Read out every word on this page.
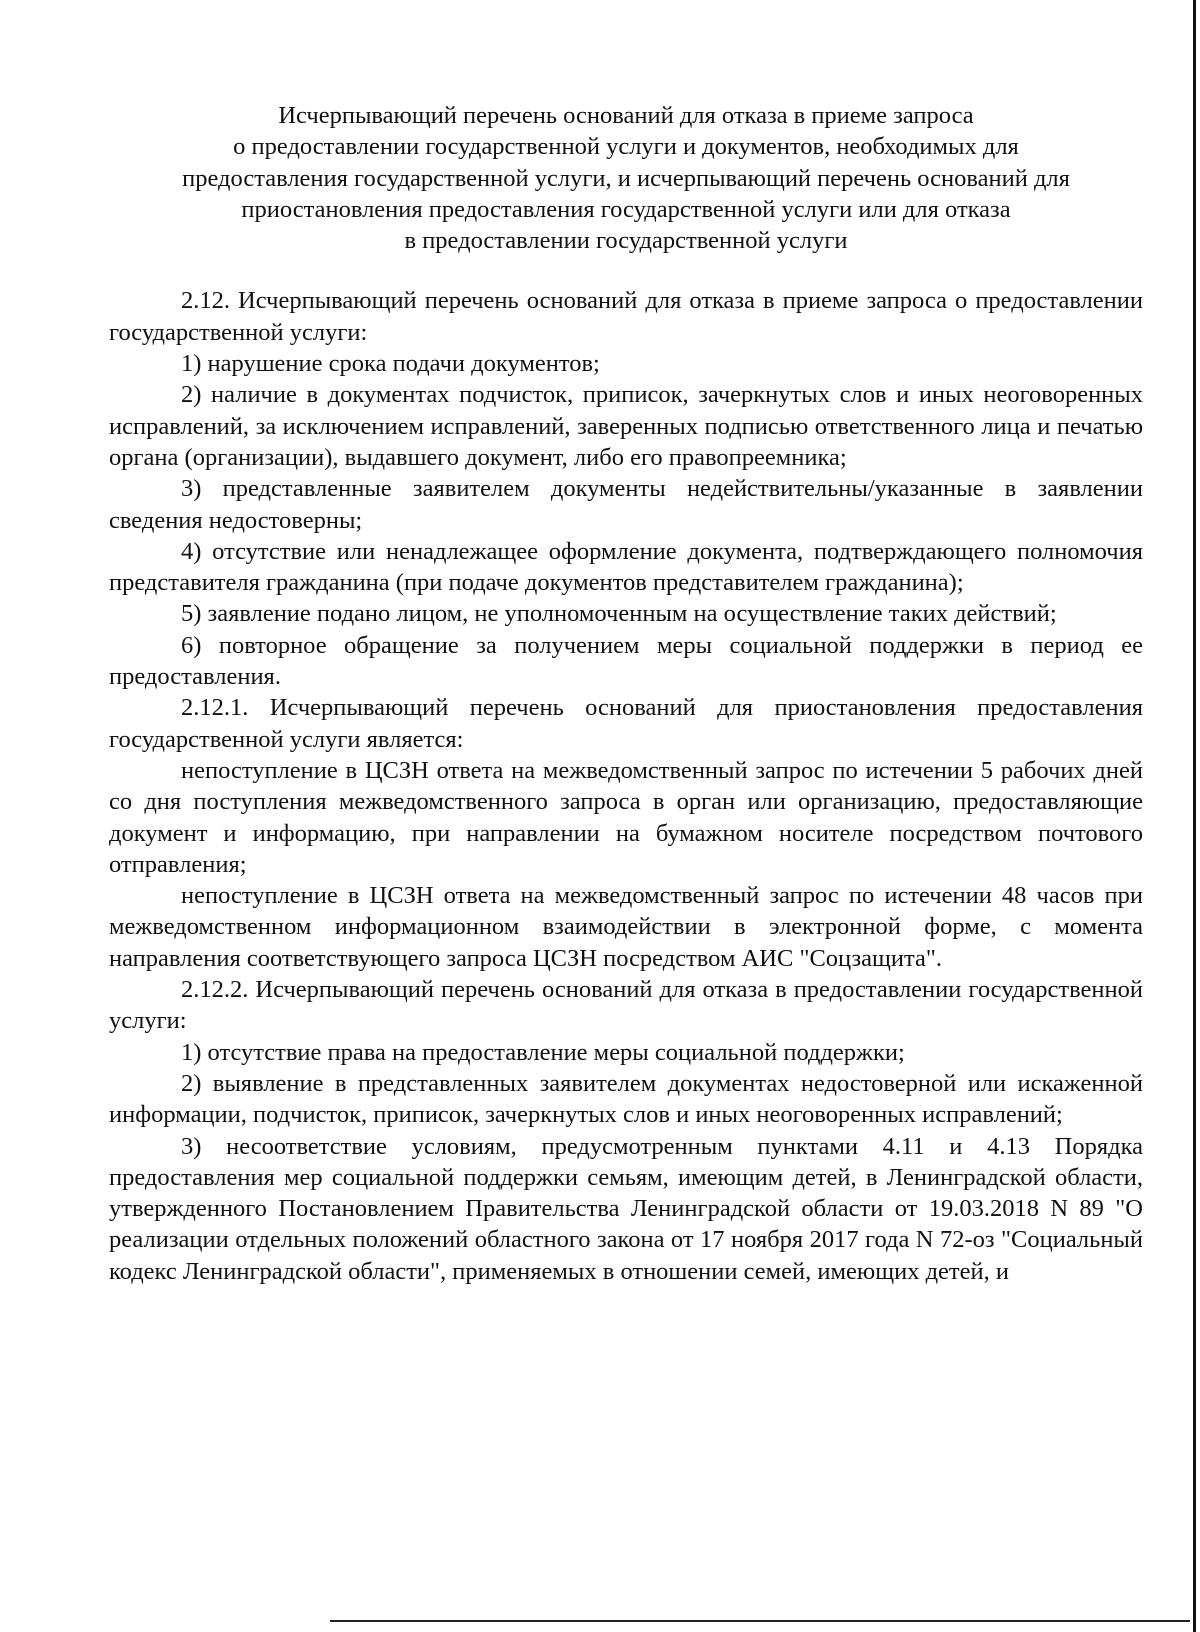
Исчерпывающий перечень оснований для отказа в приеме запроса
о предоставлении государственной услуги и документов, необходимых для
предоставления государственной услуги, и исчерпывающий перечень оснований для
приостановления предоставления государственной услуги или для отказа
в предоставлении государственной услуги

2.12. Исчерпывающий перечень оснований для отказа в приеме запроса о предоставлении государственной услуги:

1) нарушение срока подачи документов;

2) наличие в документах подчисток, приписок, зачеркнутых слов и иных неоговоренных исправлений, за исключением исправлений, заверенных подписью ответственного лица и печатью органа (организации), выдавшего документ, либо его правопреемника;

3) представленные заявителем документы недействительны/указанные в заявлении сведения недостоверны;

4) отсутствие или ненадлежащее оформление документа, подтверждающего полномочия представителя гражданина (при подаче документов представителем гражданина);

5) заявление подано лицом, не уполномоченным на осуществление таких действий;

6) повторное обращение за получением меры социальной поддержки в период ее предоставления.

2.12.1. Исчерпывающий перечень оснований для приостановления предоставления государственной услуги является:

непоступление в ЦСЗН ответа на межведомственный запрос по истечении 5 рабочих дней со дня поступления межведомственного запроса в орган или организацию, предоставляющие документ и информацию, при направлении на бумажном носителе посредством почтового отправления;

непоступление в ЦСЗН ответа на межведомственный запрос по истечении 48 часов при межведомственном информационном взаимодействии в электронной форме, с момента направления соответствующего запроса ЦСЗН посредством АИС "Соцзащита".

2.12.2. Исчерпывающий перечень оснований для отказа в предоставлении государственной услуги:

1) отсутствие права на предоставление меры социальной поддержки;

2) выявление в представленных заявителем документах недостоверной или искаженной информации, подчисток, приписок, зачеркнутых слов и иных неоговоренных исправлений;

3) несоответствие условиям, предусмотренным пунктами 4.11 и 4.13 Порядка предоставления мер социальной поддержки семьям, имеющим детей, в Ленинградской области, утвержденного Постановлением Правительства Ленинградской области от 19.03.2018 N 89 "О реализации отдельных положений областного закона от 17 ноября 2017 года N 72-оз "Социальный кодекс Ленинградской области", применяемых в отношении семей, имеющих детей, и
